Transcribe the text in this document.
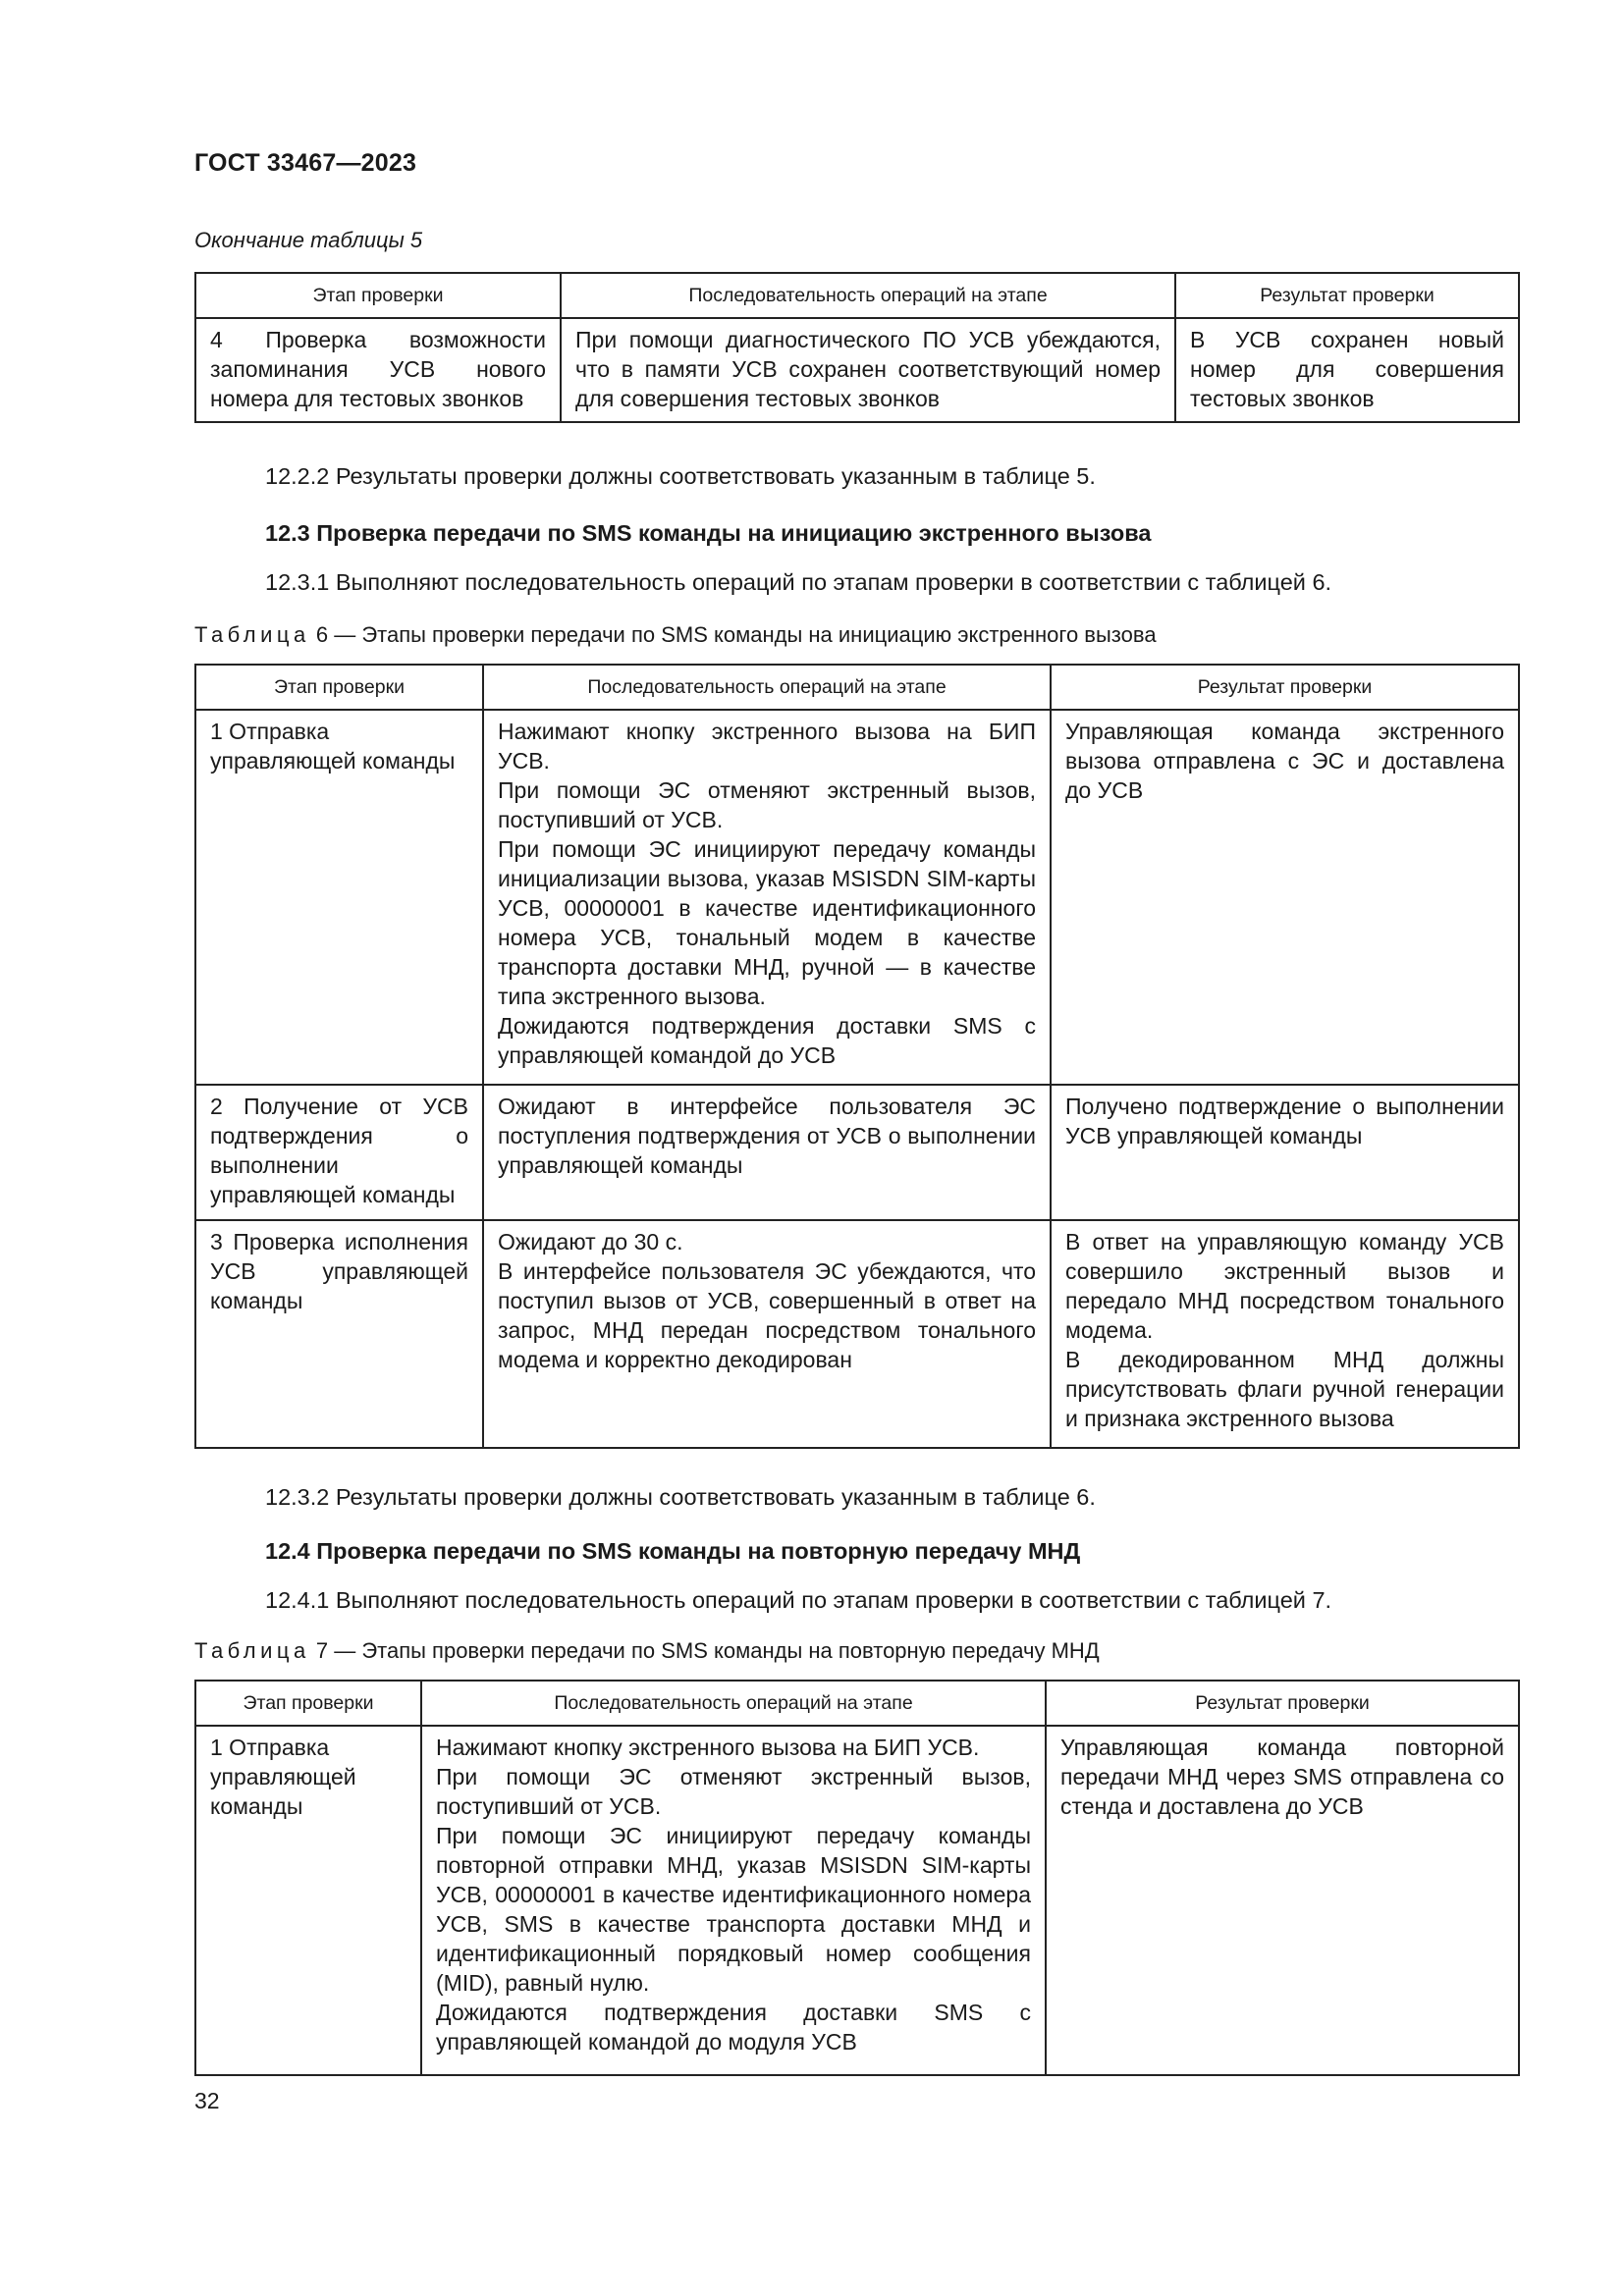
ГОСТ 33467—2023
Окончание таблицы 5
Этап проверки	Последовательность операций на этапе	Результат проверки

4 Проверка возможности запоминания УСВ нового номера для тестовых звонков	При помощи диагностического ПО УСВ убеждаются, что в памяти УСВ сохранен соответствующий номер для совершения тестовых звонков	В УСВ сохранен новый номер для совершения тестовых звонков
12.2.2 Результаты проверки должны соответствовать указанным в таблице 5.
12.3 Проверка передачи по SMS команды на инициацию экстренного вызова
12.3.1 Выполняют последовательность операций по этапам проверки в соответствии с таблицей 6.
Таблица 6 — Этапы проверки передачи по SMS команды на инициацию экстренного вызова
Этап проверки	Последовательность операций на этапе	Результат проверки

1 Отправка управляющей команды	Нажимают кнопку экстренного вызова на БИП УСВ.
При помощи ЭС отменяют экстренный вызов, поступивший от УСВ.
При помощи ЭС инициируют передачу команды инициализации вызова, указав MSISDN SIM-карты УСВ, 00000001 в качестве идентификационного номера УСВ, тональный модем в качестве транспорта доставки МНД, ручной — в качестве типа экстренного вызова.
Дожидаются подтверждения доставки SMS с управляющей командой до УСВ	Управляющая команда экстренного вызова отправлена с ЭС и доставлена до УСВ

2 Получение от УСВ подтверждения о выполнении управляющей команды	Ожидают в интерфейсе пользователя ЭС поступления подтверждения от УСВ о выполнении управляющей команды	Получено подтверждение о выполнении УСВ управляющей команды

3 Проверка исполнения УСВ управляющей команды	Ожидают до 30 с.
В интерфейсе пользователя ЭС убеждаются, что поступил вызов от УСВ, совершенный в ответ на запрос, МНД передан посредством тонального модема и корректно декодирован	В ответ на управляющую команду УСВ совершило экстренный вызов и передало МНД посредством тонального модема.
В декодированном МНД должны присутствовать флаги ручной генерации и признака экстренного вызова
12.3.2 Результаты проверки должны соответствовать указанным в таблице 6.
12.4 Проверка передачи по SMS команды на повторную передачу МНД
12.4.1 Выполняют последовательность операций по этапам проверки в соответствии с таблицей 7.
Таблица 7 — Этапы проверки передачи по SMS команды на повторную передачу МНД
Этап проверки	Последовательность операций на этапе	Результат проверки

1 Отправка управляющей команды	Нажимают кнопку экстренного вызова на БИП УСВ.
При помощи ЭС отменяют экстренный вызов, поступивший от УСВ.
При помощи ЭС инициируют передачу команды повторной отправки МНД, указав MSISDN SIM-карты УСВ, 00000001 в качестве идентификационного номера УСВ, SMS в качестве транспорта доставки МНД и идентификационный порядковый номер сообщения (MID), равный нулю.
Дожидаются подтверждения доставки SMS с управляющей командой до модуля УСВ	Управляющая команда повторной передачи МНД через SMS отправлена со стенда и доставлена до УСВ
32
